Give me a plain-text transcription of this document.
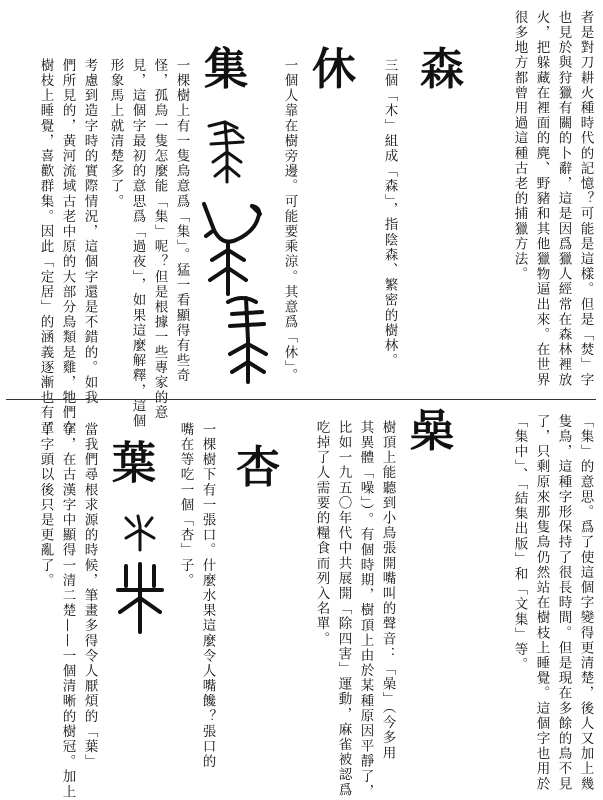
者是對刀耕火種時代的記憶？可能是這樣。但是「焚」字
也見於與狩獵有關的卜辭，這是因爲獵人經常在森林裡放
火，把躲藏在裡面的麂、野豬和其他獵物逼出來。在世界
很多地方都曾用過這種古老的捕獵方法。
森
三個「木」組成「森」，指陰森、繁密的樹林。
休
一個人靠在樹旁邊。可能要乘涼。其意爲「休」。
集
一棵樹上有一隻鳥意爲「集」。猛一看顯得有些奇
怪，孤鳥一隻怎麼能「集」呢？但是根據一些專家的意
見，這個字最初的意思爲「過夜」，如果這麼解釋，這個
形象馬上就清楚多了。
考慮到造字時的實際情況，這個字還是不錯的。如我
們所見的，黃河流域古老中原的大部分鳥類是雞，牠們在
樹枝上睡覺，喜歡群集。因此「定居」的涵義逐漸也有了
「集」的意思。爲了使這個字變得更清楚，後人又加上幾
隻鳥，這種字形保持了很長時間。但是現在多餘的鳥不見
了，只剩原來那隻鳥仍然站在樹枝上睡覺。這個字也用於
「集中」、「結集出版」和「文集」等。
喿
樹頂上能聽到小鳥張開嘴叫的聲音：「喿」（今多用
其異體「噪」）。有個時期，樹頂上由於某種原因平靜了，
比如一九五〇年代中共展開「除四害」運動，麻雀被認爲
吃掉了人需要的糧食而列入名單。
杏
一棵樹下有一張口。什麼水果這麼令人嘴饞？張口的
嘴在等吃一個「杏」子。
葉
當我們尋根求源的時候，筆畫多得令人厭煩的「葉」
字，在古漢字中顯得一清二楚——一個清晰的樹冠。加上
草字頭以後只是更亂了。
